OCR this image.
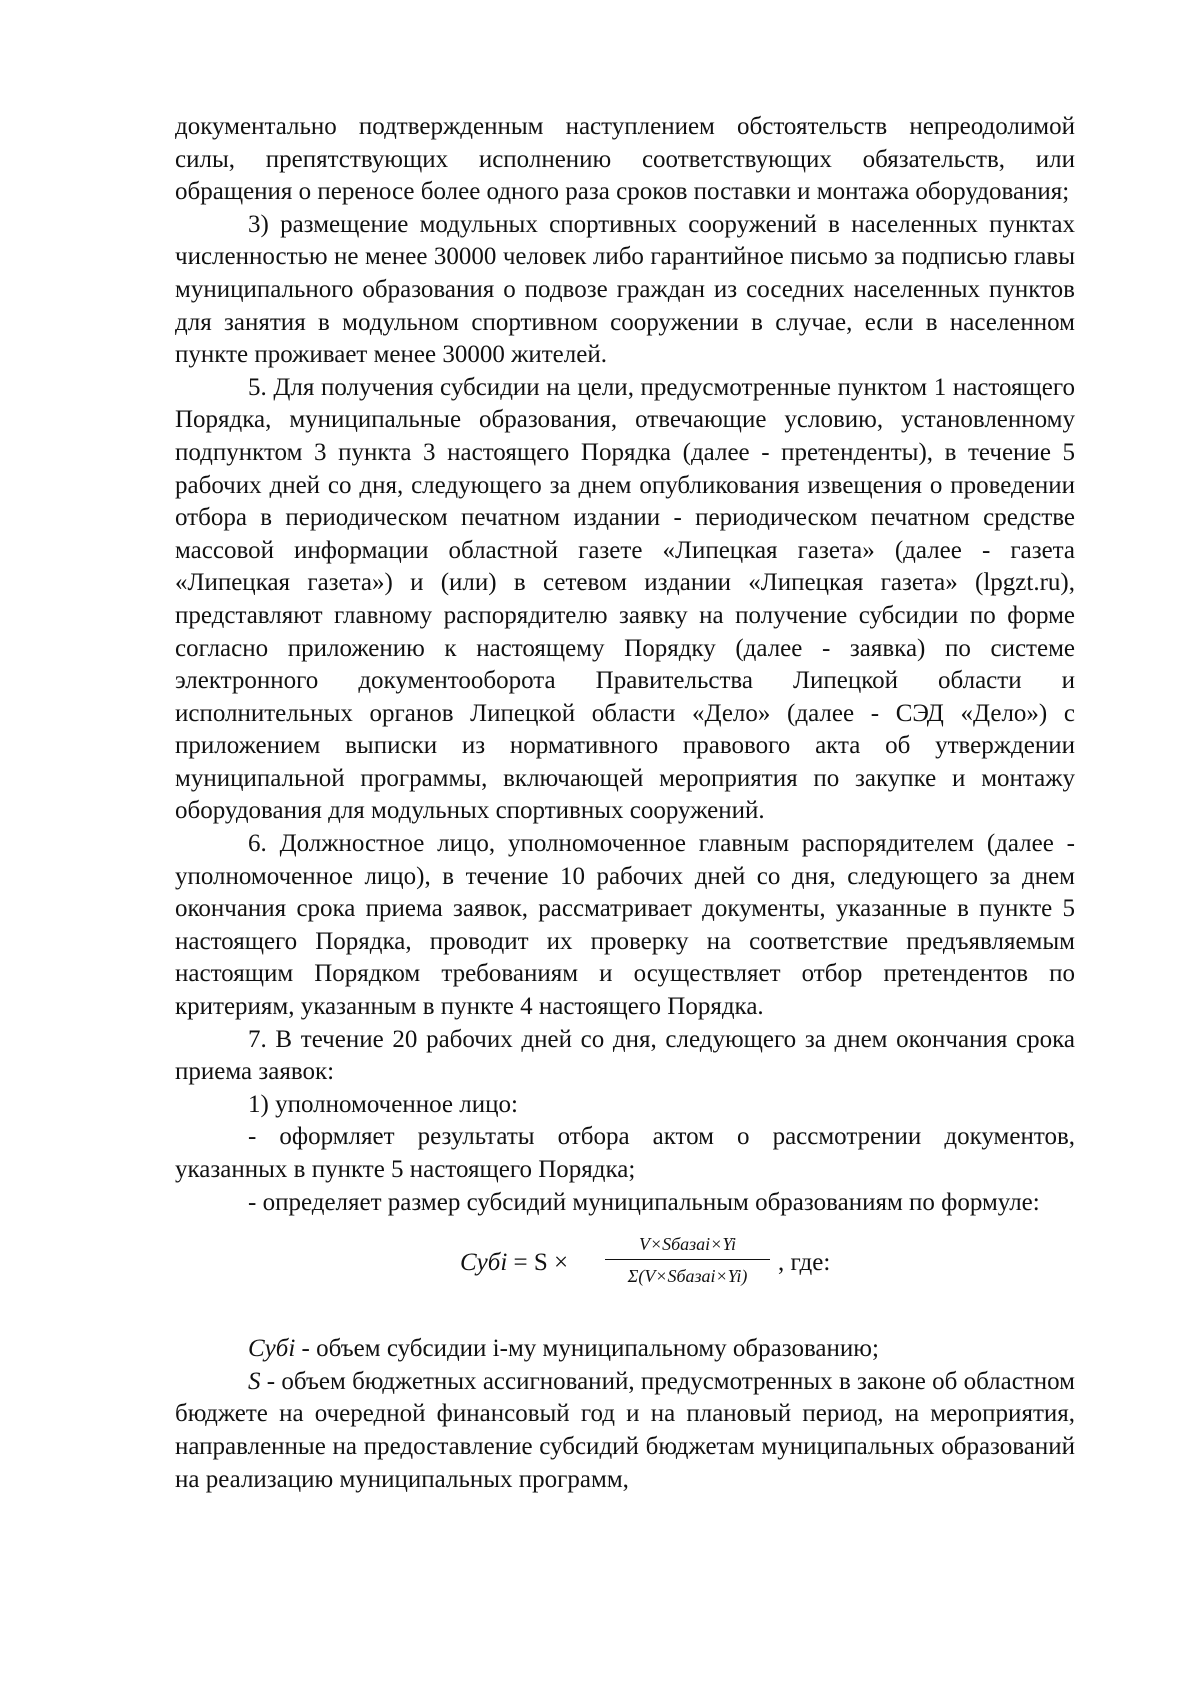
документально подтвержденным наступлением обстоятельств непреодолимой силы, препятствующих исполнению соответствующих обязательств, или обращения о переносе более одного раза сроков поставки и монтажа оборудования;

3) размещение модульных спортивных сооружений в населенных пунктах численностью не менее 30000 человек либо гарантийное письмо за подписью главы муниципального образования о подвозе граждан из соседних населенных пунктов для занятия в модульном спортивном сооружении в случае, если в населенном пункте проживает менее 30000 жителей.

5. Для получения субсидии на цели, предусмотренные пунктом 1 настоящего Порядка, муниципальные образования, отвечающие условию, установленному подпунктом 3 пункта 3 настоящего Порядка (далее - претенденты), в течение 5 рабочих дней со дня, следующего за днем опубликования извещения о проведении отбора в периодическом печатном издании - периодическом печатном средстве массовой информации областной газете «Липецкая газета» (далее - газета «Липецкая газета») и (или) в сетевом издании «Липецкая газета» (lpgzt.ru), представляют главному распорядителю заявку на получение субсидии по форме согласно приложению к настоящему Порядку (далее - заявка) по системе электронного документооборота Правительства Липецкой области и исполнительных органов Липецкой области «Дело» (далее - СЭД «Дело») с приложением выписки из нормативного правового акта об утверждении муниципальной программы, включающей мероприятия по закупке и монтажу оборудования для модульных спортивных сооружений.

6. Должностное лицо, уполномоченное главным распорядителем (далее - уполномоченное лицо), в течение 10 рабочих дней со дня, следующего за днем окончания срока приема заявок, рассматривает документы, указанные в пункте 5 настоящего Порядка, проводит их проверку на соответствие предъявляемым настоящим Порядком требованиям и осуществляет отбор претендентов по критериям, указанным в пункте 4 настоящего Порядка.

7. В течение 20 рабочих дней со дня, следующего за днем окончания срока приема заявок:

1) уполномоченное лицо:

- оформляет результаты отбора актом о рассмотрении документов, указанных в пункте 5 настоящего Порядка;

- определяет размер субсидий муниципальным образованиям по формуле:

Субi = S ×
V×Sбазаi×Yi
Σ(V×Sбазаi×Yi)	, где:

Субi - объем субсидии i-му муниципальному образованию;

S - объем бюджетных ассигнований, предусмотренных в законе об областном бюджете на очередной финансовый год и на плановый период, на мероприятия, направленные на предоставление субсидий бюджетам муниципальных образований на реализацию муниципальных программ,
